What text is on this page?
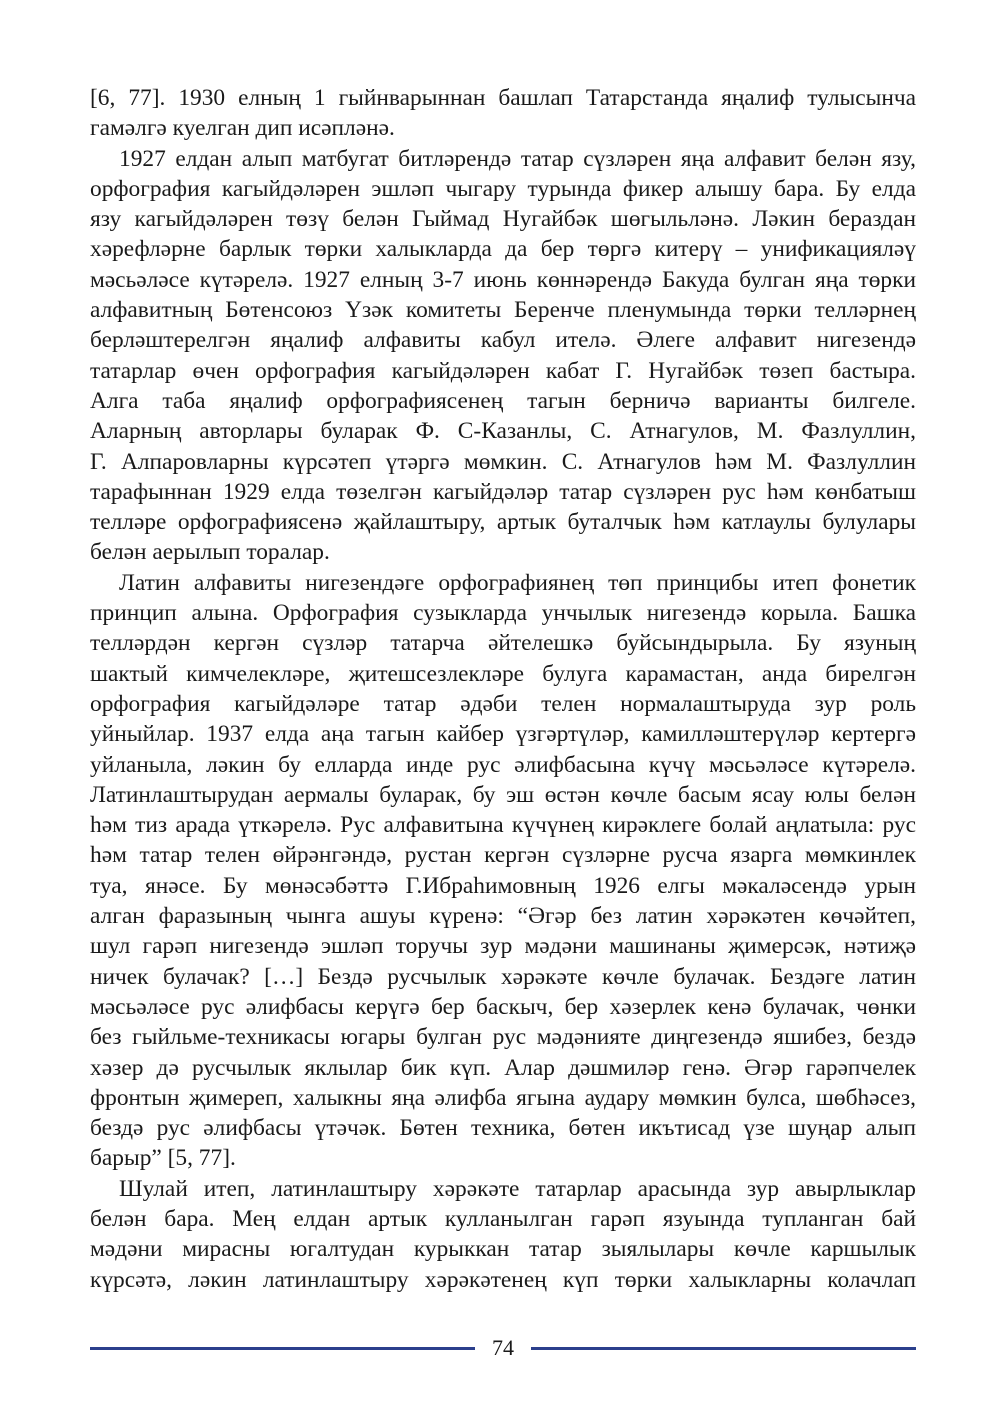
[6, 77]. 1930 елның 1 гыйнварыннан башлап Татарстанда яңалиф тулысынча
гамәлгә куелган дип исәпләнә.
1927 елдан алып матбугат битләрендә татар сүзләрен яңа алфавит белән язу,
орфография кагыйдәләрен эшләп чыгару турында фикер алышу бара. Бу елда
язу кагыйдәләрен төзү белән Гыймад Нугайбәк шөгыльләнә. Ләкин бераздан
хәрефләрне барлык төрки халыкларда да бер төргә китерү – унификацияләү
мәсьәләсе күтәрелә. 1927 елның 3-7 июнь көннәрендә Бакуда булган яңа төрки
алфавитның Бөтенсоюз Үзәк комитеты Беренче пленумында төрки телләрнең
берләштерелгән яңалиф алфавиты кабул ителә. Әлеге алфавит нигезендә
татарлар өчен орфография кагыйдәләрен кабат Г. Нугайбәк төзеп бастыра.
Алга таба яңалиф орфографиясенең тагын берничә варианты билгеле.
Аларның авторлары буларак Ф. С-Казанлы, С. Атнагулов, М. Фазлуллин,
Г. Алпаровларны күрсәтеп үтәргә мөмкин. С. Атнагулов һәм М. Фазлуллин
тарафыннан 1929 елда төзелгән кагыйдәләр татар сүзләрен рус һәм көнбатыш
телләре орфографиясенә җайлаштыру, артык буталчык һәм катлаулы булулары
белән аерылып торалар.
Латин алфавиты нигезендәге орфографиянең төп принцибы итеп фонетик
принцип алына. Орфография сузыкларда унчылык нигезендә корыла. Башка
телләрдән кергән сүзләр татарча әйтелешкә буйсындырыла. Бу язуның
шактый кимчелекләре, җитешсезлекләре булуга карамастан, анда бирелгән
орфография кагыйдәләре татар әдәби телен нормалаштыруда зур роль
уйныйлар. 1937 елда аңа тагын кайбер үзгәртүләр, камилләштерүләр кертергә
уйланыла, ләкин бу елларда инде рус әлифбасына күчү мәсьәләсе күтәрелә.
Латинлаштырудан аермалы буларак, бу эш өстән көчле басым ясау юлы белән
һәм тиз арада үткәрелә. Рус алфавитына күчүнең кирәклеге болай аңлатыла: рус
һәм татар телен өйрәнгәндә, рустан кергән сүзләрне русча язарга мөмкинлек
туа, янәсе. Бу мөнәсәбәттә Г.Ибраһимовның 1926 елгы мәкаләсендә урын
алган фаразының чынга ашуы күренә: “Әгәр без латин хәрәкәтен көчәйтеп,
шул гарәп нигезендә эшләп торучы зур мәдәни машинаны җимерсәк, нәтиҗә
ничек булачак? […] Бездә русчылык хәрәкәте көчле булачак. Бездәге латин
мәсьәләсе рус әлифбасы керүгә бер баскыч, бер хәзерлек кенә булачак, чөнки
без гыйльме-техникасы югары булган рус мәдәнияте диңгезендә яшибез, бездә
хәзер дә русчылык яклылар бик күп. Алар дәшмиләр генә. Әгәр гарәпчелек
фронтын җимереп, халыкны яңа әлифба ягына аудару мөмкин булса, шөбһәсез,
бездә рус әлифбасы үтәчәк. Бөтен техника, бөтен икътисад үзе шуңар алып
барыр” [5, 77].
Шулай итеп, латинлаштыру хәрәкәте татарлар арасында зур авырлыклар
белән бара. Мең елдан артык кулланылган гарәп язуында тупланган бай
мәдәни мирасны югалтудан курыккан татар зыялылары көчле каршылык
күрсәтә, ләкин латинлаштыру хәрәкәтенең күп төрки халыкларны колачлап
74
